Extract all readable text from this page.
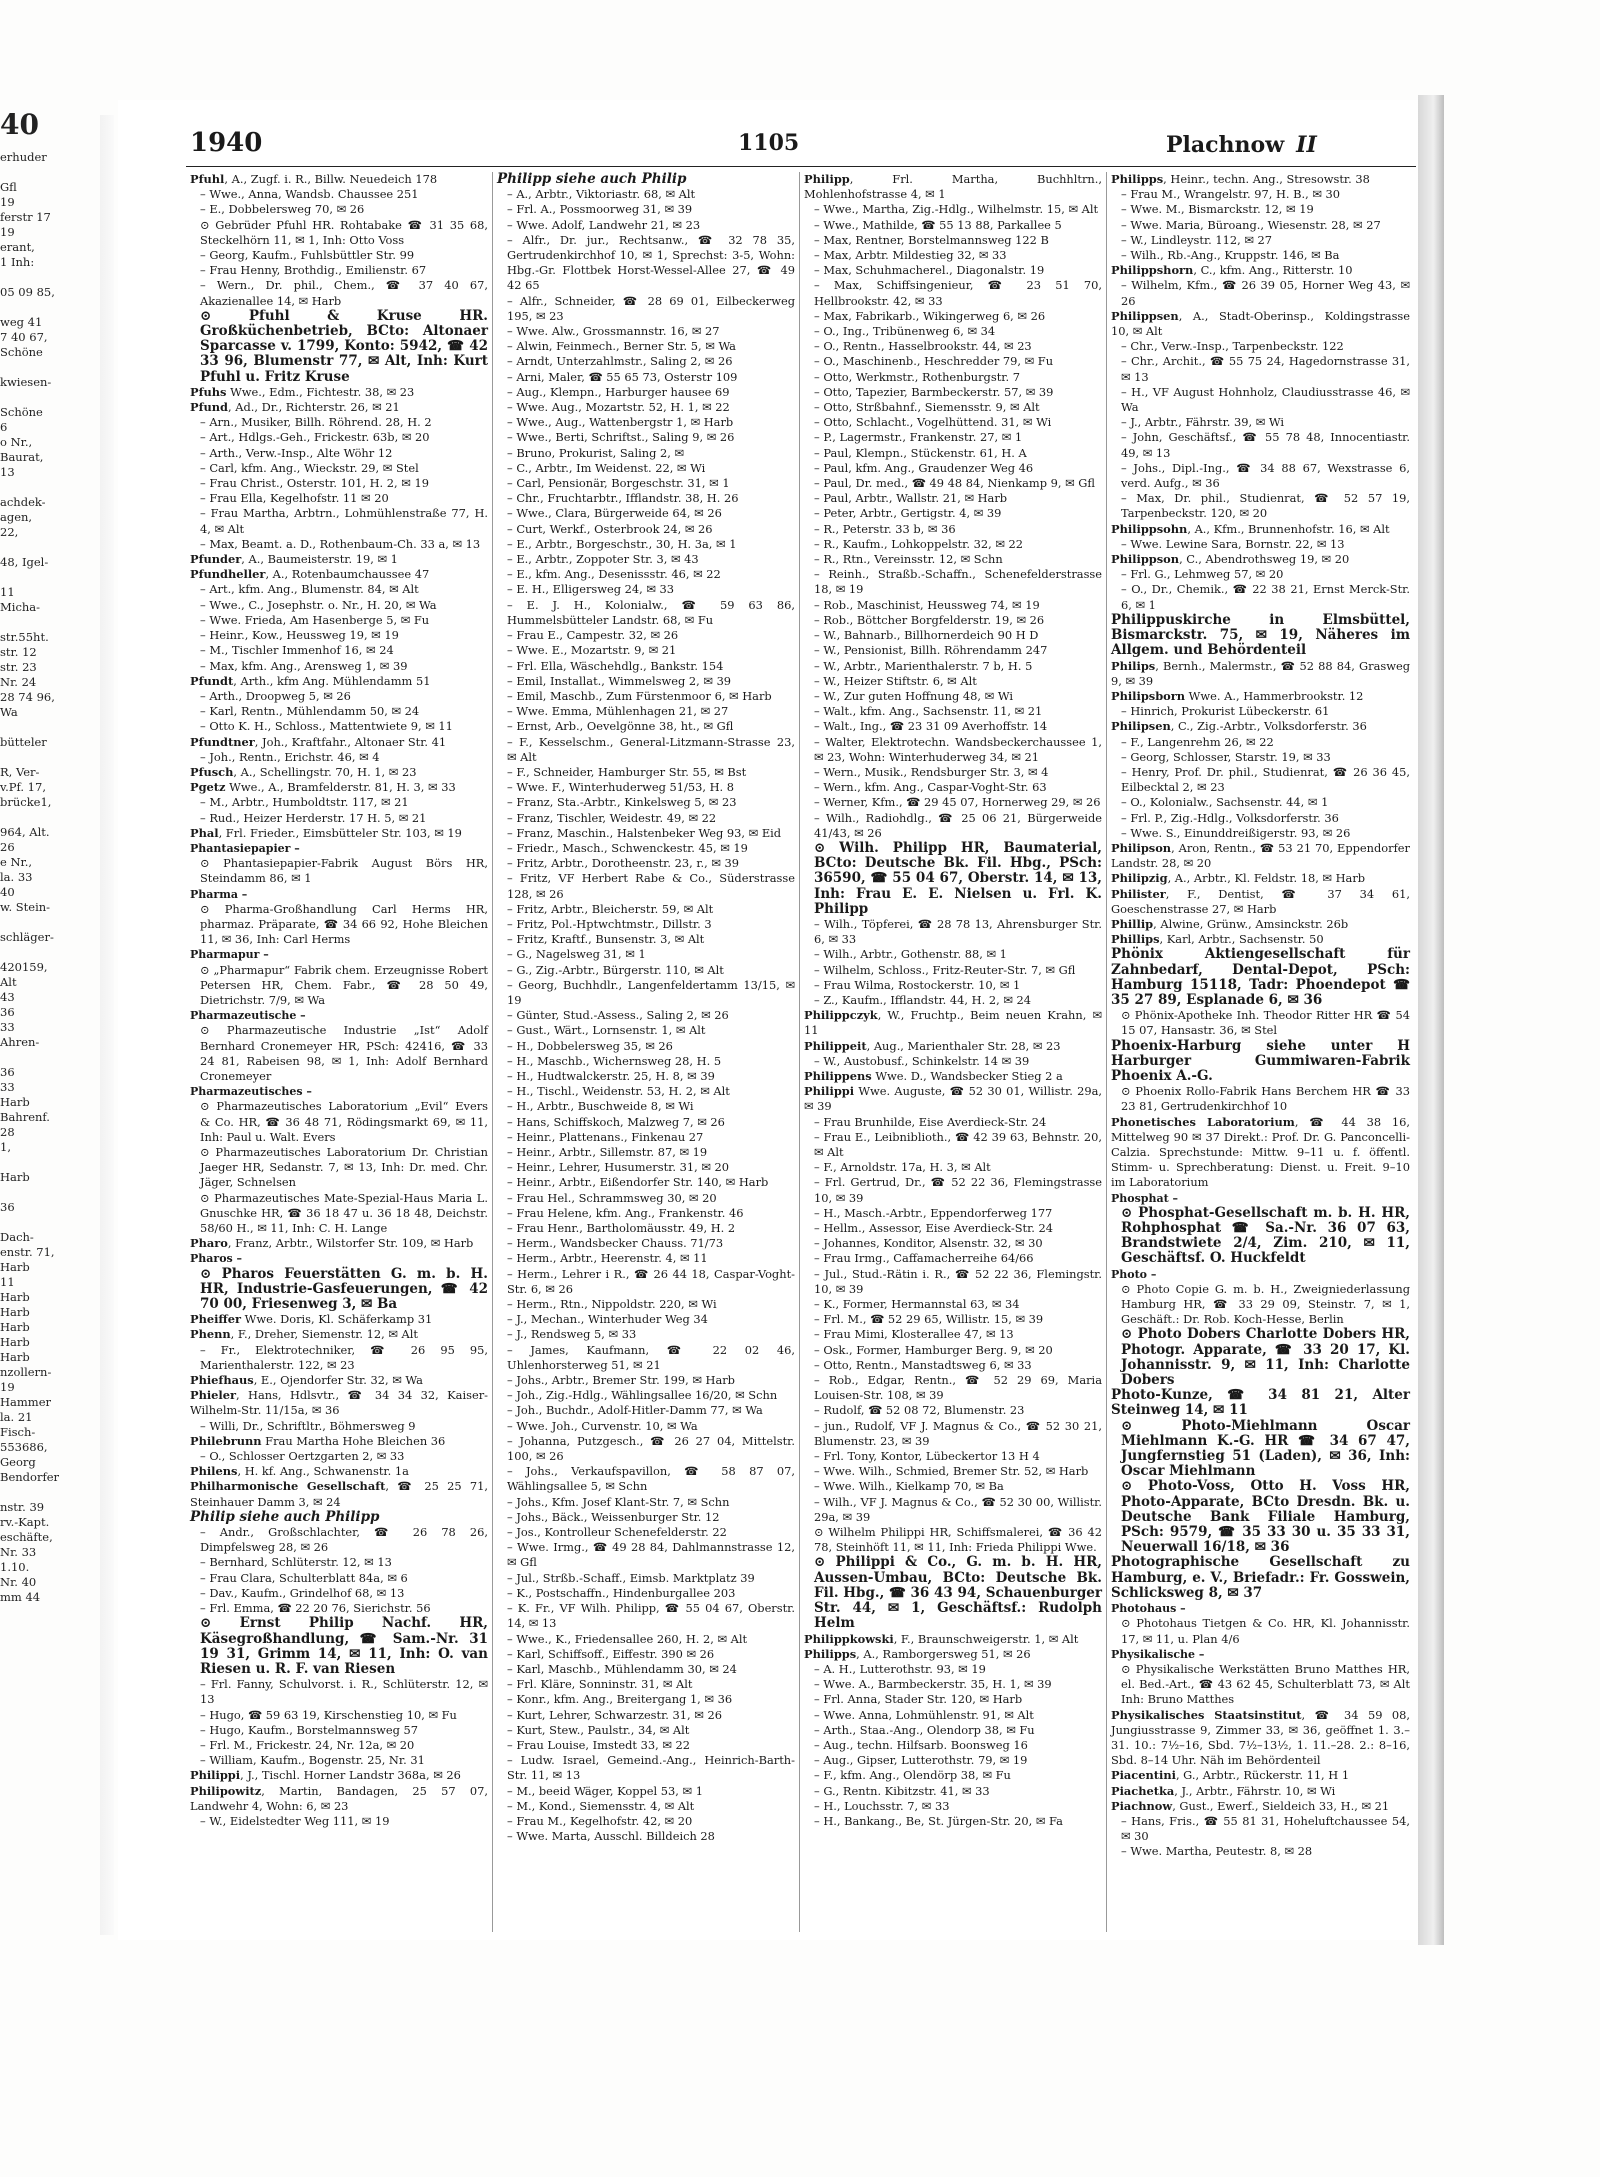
40
erhuder
Gfl
19
ferstr 17
19
erant,
1 Inh:
05 09 85,
weg 41
7 40 67,
Schöne
kwiesen-
Schöne
6
o Nr.,
Baurat,
13
achdek-
agen,
22,
48, Igel-
11
Micha-
str.55ht.
str. 12
str. 23
Nr. 24
28 74 96,
Wa
bütteler
R, Ver-
v.Pf. 17,
brücke1,
964, Alt.
26
e Nr.,
la. 33
40
w. Stein-
schläger-
420159,
Alt
43
36
33
Ahren-
36
33
Harb
Bahrenf.
28
1,
Harb
36
Dach-
enstr. 71,
Harb
11
Harb
Harb
Harb
Harb
Harb
nzollern-
19
Hammer
la. 21
Fisch-
553686,
Georg
Bendorfer
nstr. 39
rv.-Kapt.
eschäfte,
Nr. 33
1.10.
Nr. 40
mm 44
1940	1105	Plachnow II

Pfuhl, A., Zugf. i. R., Billw. Neuedeich 178

– Wwe., Anna, Wandsb. Chaussee 251

– E., Dobbelersweg 70, ✉ 26

⊙ Gebrüder Pfuhl HR. Rohtabake ☎ 31 35 68, Steckelhörn 11, ✉ 1, Inh: Otto Voss

– Georg, Kaufm., Fuhlsbüttler Str. 99

– Frau Henny, Brothdig., Emilienstr. 67

– Wern., Dr. phil., Chem., ☎ 37 40 67, Akazienallee 14, ✉ Harb

⊙ Pfuhl & Kruse HR. Großküchenbetrieb, BCto: Altonaer Sparcasse v. 1799, Konto: 5942, ☎ 42 33 96, Blumenstr 77, ✉ Alt, Inh: Kurt Pfuhl u. Fritz Kruse

Pfuhs Wwe., Edm., Fichtestr. 38, ✉ 23

Pfund, Ad., Dr., Richterstr. 26, ✉ 21

– Arn., Musiker, Billh. Röhrend. 28, H. 2

– Art., Hdlgs.-Geh., Frickestr. 63b, ✉ 20

– Arth., Verw.-Insp., Alte Wöhr 12

– Carl, kfm. Ang., Wieckstr. 29, ✉ Stel

– Frau Christ., Osterstr. 101, H. 2, ✉ 19

– Frau Ella, Kegelhofstr. 11 ✉ 20

– Frau Martha, Arbtrn., Lohmühlenstraße 77, H. 4, ✉ Alt

– Max, Beamt. a. D., Rothenbaum-Ch. 33 a, ✉ 13

Pfunder, A., Baumeisterstr. 19, ✉ 1

Pfundheller, A., Rotenbaumchaussee 47

– Art., kfm. Ang., Blumenstr. 84, ✉ Alt

– Wwe., C., Josephstr. o. Nr., H. 20, ✉ Wa

– Wwe. Frieda, Am Hasenberge 5, ✉ Fu

– Heinr., Kow., Heussweg 19, ✉ 19

– M., Tischler Immenhof 16, ✉ 24

– Max, kfm. Ang., Arensweg 1, ✉ 39

Pfundt, Arth., kfm Ang. Mühlendamm 51

– Arth., Droopweg 5, ✉ 26

– Karl, Rentn., Mühlendamm 50, ✉ 24

– Otto K. H., Schloss., Mattentwiete 9, ✉ 11

Pfundtner, Joh., Kraftfahr., Altonaer Str. 41

– Joh., Rentn., Erichstr. 46, ✉ 4

Pfusch, A., Schellingstr. 70, H. 1, ✉ 23

Pgetz Wwe., A., Bramfelderstr. 81, H. 3, ✉ 33

– M., Arbtr., Humboldtstr. 117, ✉ 21

– Rud., Heizer Herderstr. 17 H. 5, ✉ 21

Phal, Frl. Frieder., Eimsbütteler Str. 103, ✉ 19

Phantasiepapier –

⊙ Phantasiepapier-Fabrik August Börs HR, Steindamm 86, ✉ 1

Pharma –

⊙ Pharma-Großhandlung Carl Herms HR, pharmaz. Präparate, ☎ 34 66 92, Hohe Bleichen 11, ✉ 36, Inh: Carl Herms

Pharmapur –

⊙ „Pharmapur“ Fabrik chem. Erzeugnisse Robert Petersen HR, Chem. Fabr., ☎ 28 50 49, Dietrichstr. 7/9, ✉ Wa

Pharmazeutische –

⊙ Pharmazeutische Industrie „Ist“ Adolf Bernhard Cronemeyer HR, PSch: 42416, ☎ 33 24 81, Rabeisen 98, ✉ 1, Inh: Adolf Bernhard Cronemeyer

Pharmazeutisches –

⊙ Pharmazeutisches Laboratorium „Evil“ Evers & Co. HR, ☎ 36 48 71, Rödingsmarkt 69, ✉ 11, Inh: Paul u. Walt. Evers

⊙ Pharmazeutisches Laboratorium Dr. Christian Jaeger HR, Sedanstr. 7, ✉ 13, Inh: Dr. med. Chr. Jäger, Schnelsen

⊙ Pharmazeutisches Mate-Spezial-Haus Maria L. Gnuschke HR, ☎ 36 18 47 u. 36 18 48, Deichstr. 58/60 H., ✉ 11, Inh: C. H. Lange

Pharo, Franz, Arbtr., Wilstorfer Str. 109, ✉ Harb

Pharos –

⊙ Pharos Feuerstätten G. m. b. H. HR, Industrie-Gasfeuerungen, ☎ 42 70 00, Friesenweg 3, ✉ Ba

Pheiffer Wwe. Doris, Kl. Schäferkamp 31

Phenn, F., Dreher, Siemenstr. 12, ✉ Alt

– Fr., Elektrotechniker, ☎ 26 95 95, Marienthalerstr. 122, ✉ 23

Phiefhaus, E., Ojendorfer Str. 32, ✉ Wa

Phieler, Hans, Hdlsvtr., ☎ 34 34 32, Kaiser-Wilhelm-Str. 11/15a, ✉ 36

– Willi, Dr., Schriftltr., Böhmersweg 9

Philebrunn Frau Martha Hohe Bleichen 36

– O., Schlosser Oertzgarten 2, ✉ 33

Philens, H. kf. Ang., Schwanenstr. 1a

Philharmonische Gesellschaft, ☎ 25 25 71, Steinhauer Damm 3, ✉ 24

Philip siehe auch Philipp

– Andr., Großschlachter, ☎ 26 78 26, Dimpfelsweg 28, ✉ 26

– Bernhard, Schlüterstr. 12, ✉ 13

– Frau Clara, Schulterblatt 84a, ✉ 6

– Dav., Kaufm., Grindelhof 68, ✉ 13

– Frl. Emma, ☎ 22 20 76, Sierichstr. 56

⊙ Ernst Philip Nachf. HR, Käsegroßhandlung, ☎ Sam.-Nr. 31 19 31, Grimm 14, ✉ 11, Inh: O. van Riesen u. R. F. van Riesen

– Frl. Fanny, Schulvorst. i. R., Schlüterstr. 12, ✉ 13

– Hugo, ☎ 59 63 19, Kirschenstieg 10, ✉ Fu

– Hugo, Kaufm., Borstelmannsweg 57

– Frl. M., Frickestr. 24, Nr. 12a, ✉ 20

– William, Kaufm., Bogenstr. 25, Nr. 31

Philippi, J., Tischl. Horner Landstr 368a, ✉ 26

Philipowitz, Martin, Bandagen, 25 57 07, Landwehr 4, Wohn: 6, ✉ 23

– W., Eidelstedter Weg 111, ✉ 19

Philipp siehe auch Philip

– A., Arbtr., Viktoriastr. 68, ✉ Alt

– Frl. A., Possmoorweg 31, ✉ 39

– Wwe. Adolf, Landwehr 21, ✉ 23

– Alfr., Dr. jur., Rechtsanw., ☎ 32 78 35, Gertrudenkirchhof 10, ✉ 1, Sprechst: 3-5, Wohn: Hbg.-Gr. Flottbek Horst-Wessel-Allee 27, ☎ 49 42 65

– Alfr., Schneider, ☎ 28 69 01, Eilbeckerweg 195, ✉ 23

– Wwe. Alw., Grossmannstr. 16, ✉ 27

– Alwin, Feinmech., Berner Str. 5, ✉ Wa

– Arndt, Unterzahlmstr., Saling 2, ✉ 26

– Arni, Maler, ☎ 55 65 73, Osterstr 109

– Aug., Klempn., Harburger hausee 69

– Wwe. Aug., Mozartstr. 52, H. 1, ✉ 22

– Wwe., Aug., Wattenbergstr 1, ✉ Harb

– Wwe., Berti, Schriftst., Saling 9, ✉ 26

– Bruno, Prokurist, Saling 2, ✉

– C., Arbtr., Im Weidenst. 22, ✉ Wi

– Carl, Pensionär, Borgeschstr. 31, ✉ 1

– Chr., Fruchtarbtr., Ifflandstr. 38, H. 26

– Wwe., Clara, Bürgerweide 64, ✉ 26

– Curt, Werkf., Osterbrook 24, ✉ 26

– E., Arbtr., Borgeschstr., 30, H. 3a, ✉ 1

– E., Arbtr., Zoppoter Str. 3, ✉ 43

– E., kfm. Ang., Desenissstr. 46, ✉ 22

– E. H., Elligersweg 24, ✉ 33

– E. J. H., Kolonialw., ☎ 59 63 86, Hummelsbütteler Landstr. 68, ✉ Fu

– Frau E., Campestr. 32, ✉ 26

– Wwe. E., Mozartstr. 9, ✉ 21

– Frl. Ella, Wäschehdlg., Bankstr. 154

– Emil, Installat., Wimmelsweg 2, ✉ 39

– Emil, Maschb., Zum Fürstenmoor 6, ✉ Harb

– Wwe. Emma, Mühlenhagen 21, ✉ 27

– Ernst, Arb., Oevelgönne 38, ht., ✉ Gfl

– F., Kesselschm., General-Litzmann-Strasse 23, ✉ Alt

– F., Schneider, Hamburger Str. 55, ✉ Bst

– Wwe. F., Winterhuderweg 51/53, H. 8

– Franz, Sta.-Arbtr., Kinkelsweg 5, ✉ 23

– Franz, Tischler, Weidestr. 49, ✉ 22

– Franz, Maschin., Halstenbeker Weg 93, ✉ Eid

– Friedr., Masch., Schwenckestr. 45, ✉ 19

– Fritz, Arbtr., Dorotheenstr. 23, r., ✉ 39

– Fritz, VF Herbert Rabe & Co., Süderstrasse 128, ✉ 26

– Fritz, Arbtr., Bleicherstr. 59, ✉ Alt

– Fritz, Pol.-Hptwchtmstr., Dillstr. 3

– Fritz, Kraftf., Bunsenstr. 3, ✉ Alt

– G., Nagelsweg 31, ✉ 1

– G., Zig.-Arbtr., Bürgerstr. 110, ✉ Alt

– Georg, Buchhdlr., Langenfeldertamm 13/15, ✉ 19

– Günter, Stud.-Assess., Saling 2, ✉ 26

– Gust., Wärt., Lornsenstr. 1, ✉ Alt

– H., Dobbelersweg 35, ✉ 26

– H., Maschb., Wichernsweg 28, H. 5

– H., Hudtwalckerstr. 25, H. 8, ✉ 39

– H., Tischl., Weidenstr. 53, H. 2, ✉ Alt

– H., Arbtr., Buschweide 8, ✉ Wi

– Hans, Schiffskoch, Malzweg 7, ✉ 26

– Heinr., Plattenans., Finkenau 27

– Heinr., Arbtr., Sillemstr. 87, ✉ 19

– Heinr., Lehrer, Husumerstr. 31, ✉ 20

– Heinr., Arbtr., Eißendorfer Str. 140, ✉ Harb

– Frau Hel., Schrammsweg 30, ✉ 20

– Frau Helene, kfm. Ang., Frankenstr. 46

– Frau Henr., Bartholomäusstr. 49, H. 2

– Herm., Wandsbecker Chauss. 71/73

– Herm., Arbtr., Heerenstr. 4, ✉ 11

– Herm., Lehrer i R., ☎ 26 44 18, Caspar-Voght-Str. 6, ✉ 26

– Herm., Rtn., Nippoldstr. 220, ✉ Wi

– J., Mechan., Winterhuder Weg 34

– J., Rendsweg 5, ✉ 33

– James, Kaufmann, ☎ 22 02 46, Uhlenhorsterweg 51, ✉ 21

– Johs., Arbtr., Bremer Str. 199, ✉ Harb

– Joh., Zig.-Hdlg., Wählingsallee 16/20, ✉ Schn

– Joh., Buchdr., Adolf-Hitler-Damm 77, ✉ Wa

– Wwe. Joh., Curvenstr. 10, ✉ Wa

– Johanna, Putzgesch., ☎ 26 27 04, Mittelstr. 100, ✉ 26

– Johs., Verkaufspavillon, ☎ 58 87 07, Wählingsallee 5, ✉ Schn

– Johs., Kfm. Josef Klant-Str. 7, ✉ Schn

– Johs., Bäck., Weissenburger Str. 12

– Jos., Kontrolleur Schenefelderstr. 22

– Wwe. Irmg., ☎ 49 28 84, Dahlmannstrasse 12, ✉ Gfl

– Jul., Strßb.-Schaff., Eimsb. Marktplatz 39

– K., Postschaffn., Hindenburgallee 203

– K. Fr., VF Wilh. Philipp, ☎ 55 04 67, Oberstr. 14, ✉ 13

– Wwe., K., Friedensallee 260, H. 2, ✉ Alt

– Karl, Schiffsoff., Eiffestr. 390 ✉ 26

– Karl, Maschb., Mühlendamm 30, ✉ 24

– Frl. Kläre, Sonninstr. 31, ✉ Alt

– Konr., kfm. Ang., Breitergang 1, ✉ 36

– Kurt, Lehrer, Schwarzestr. 31, ✉ 26

– Kurt, Stew., Paulstr., 34, ✉ Alt

– Frau Louise, Imstedt 33, ✉ 22

– Ludw. Israel, Gemeind.-Ang., Heinrich-Barth-Str. 11, ✉ 13

– M., beeid Wäger, Koppel 53, ✉ 1

– M., Kond., Siemensstr. 4, ✉ Alt

– Frau M., Kegelhofstr. 42, ✉ 20

– Wwe. Marta, Ausschl. Billdeich 28

Philipp, Frl. Martha, Buchhltrn., Mohlenhofstrasse 4, ✉ 1

– Wwe., Martha, Zig.-Hdlg., Wilhelmstr. 15, ✉ Alt

– Wwe., Mathilde, ☎ 55 13 88, Parkallee 5

– Max, Rentner, Borstelmannsweg 122 B

– Max, Arbtr. Mildestieg 32, ✉ 33

– Max, Schuhmacherel., Diagonalstr. 19

– Max, Schiffsingenieur, ☎ 23 51 70, Hellbrookstr. 42, ✉ 33

– Max, Fabrikarb., Wikingerweg 6, ✉ 26

– O., Ing., Tribünenweg 6, ✉ 34

– O., Rentn., Hasselbrookstr. 44, ✉ 23

– O., Maschinenb., Heschredder 79, ✉ Fu

– Otto, Werkmstr., Rothenburgstr. 7

– Otto, Tapezier, Barmbeckerstr. 57, ✉ 39

– Otto, Strßbahnf., Siemensstr. 9, ✉ Alt

– Otto, Schlacht., Vogelhüttend. 31, ✉ Wi

– P., Lagermstr., Frankenstr. 27, ✉ 1

– Paul, Klempn., Stückenstr. 61, H. A

– Paul, kfm. Ang., Graudenzer Weg 46

– Paul, Dr. med., ☎ 49 48 84, Nienkamp 9, ✉ Gfl

– Paul, Arbtr., Wallstr. 21, ✉ Harb

– Peter, Arbtr., Gertigstr. 4, ✉ 39

– R., Peterstr. 33 b, ✉ 36

– R., Kaufm., Lohkoppelstr. 32, ✉ 22

– R., Rtn., Vereinsstr. 12, ✉ Schn

– Reinh., Straßb.-Schaffn., Schenefelderstrasse 18, ✉ 19

– Rob., Maschinist, Heussweg 74, ✉ 19

– Rob., Böttcher Borgfelderstr. 19, ✉ 26

– W., Bahnarb., Billhornerdeich 90 H D

– W., Pensionist, Billh. Röhrendamm 247

– W., Arbtr., Marienthalerstr. 7 b, H. 5

– W., Heizer Stiftstr. 6, ✉ Alt

– W., Zur guten Hoffnung 48, ✉ Wi

– Walt., kfm. Ang., Sachsenstr. 11, ✉ 21

– Walt., Ing., ☎ 23 31 09 Averhoffstr. 14

– Walter, Elektrotechn. Wandsbeckerchaussee 1, ✉ 23, Wohn: Winterhuderweg 34, ✉ 21

– Wern., Musik., Rendsburger Str. 3, ✉ 4

– Wern., kfm. Ang., Caspar-Voght-Str. 63

– Werner, Kfm., ☎ 29 45 07, Hornerweg 29, ✉ 26

– Wilh., Radiohdlg., ☎ 25 06 21, Bürgerweide 41/43, ✉ 26

⊙ Wilh. Philipp HR, Baumaterial, BCto: Deutsche Bk. Fil. Hbg., PSch: 36590, ☎ 55 04 67, Oberstr. 14, ✉ 13, Inh: Frau E. E. Nielsen u. Frl. K. Philipp

– Wilh., Töpferei, ☎ 28 78 13, Ahrensburger Str. 6, ✉ 33

– Wilh., Arbtr., Gothenstr. 88, ✉ 1

– Wilhelm, Schloss., Fritz-Reuter-Str. 7, ✉ Gfl

– Frau Wilma, Rostockerstr. 10, ✉ 1

– Z., Kaufm., Ifflandstr. 44, H. 2, ✉ 24

Philippczyk, W., Fruchtp., Beim neuen Krahn, ✉ 11

Philippeit, Aug., Marienthaler Str. 28, ✉ 23

– W., Austobusf., Schinkelstr. 14 ✉ 39

Philippens Wwe. D., Wandsbecker Stieg 2 a

Philippi Wwe. Auguste, ☎ 52 30 01, Willistr. 29a, ✉ 39

– Frau Brunhilde, Eise Averdieck-Str. 24

– Frau E., Leibniblioth., ☎ 42 39 63, Behnstr. 20, ✉ Alt

– F., Arnoldstr. 17a, H. 3, ✉ Alt

– Frl. Gertrud, Dr., ☎ 52 22 36, Flemingstrasse 10, ✉ 39

– H., Masch.-Arbtr., Eppendorferweg 177

– Hellm., Assessor, Eise Averdieck-Str. 24

– Johannes, Konditor, Alsenstr. 32, ✉ 30

– Frau Irmg., Caffamacherreihe 64/66

– Jul., Stud.-Rätin i. R., ☎ 52 22 36, Flemingstr. 10, ✉ 39

– K., Former, Hermannstal 63, ✉ 34

– Frl. M., ☎ 52 29 65, Willistr. 15, ✉ 39

– Frau Mimi, Klosterallee 47, ✉ 13

– Osk., Former, Hamburger Berg. 9, ✉ 20

– Otto, Rentn., Manstadtsweg 6, ✉ 33

– Rob., Edgar, Rentn., ☎ 52 29 69, Maria Louisen-Str. 108, ✉ 39

– Rudolf, ☎ 52 08 72, Blumenstr. 23

– jun., Rudolf, VF J. Magnus & Co., ☎ 52 30 21, Blumenstr. 23, ✉ 39

– Frl. Tony, Kontor, Lübeckertor 13 H 4

– Wwe. Wilh., Schmied, Bremer Str. 52, ✉ Harb

– Wwe. Wilh., Kielkamp 70, ✉ Ba

– Wilh., VF J. Magnus & Co., ☎ 52 30 00, Willistr. 29a, ✉ 39

⊙ Wilhelm Philippi HR, Schiffsmalerei, ☎ 36 42 78, Steinhöft 11, ✉ 11, Inh: Frieda Philippi Wwe.

⊙ Philippi & Co., G. m. b. H. HR, Aussen-Umbau, BCto: Deutsche Bk. Fil. Hbg., ☎ 36 43 94, Schauenburger Str. 44, ✉ 1, Geschäftsf.: Rudolph Helm

Philippkowski, F., Braunschweigerstr. 1, ✉ Alt

Philipps, A., Ramborgersweg 51, ✉ 26

– A. H., Lutterothstr. 93, ✉ 19

– Wwe. A., Barmbeckerstr. 35, H. 1, ✉ 39

– Frl. Anna, Stader Str. 120, ✉ Harb

– Wwe. Anna, Lohmühlenstr. 91, ✉ Alt

– Arth., Staa.-Ang., Olendorp 38, ✉ Fu

– Aug., techn. Hilfsarb. Boonsweg 16

– Aug., Gipser, Lutterothstr. 79, ✉ 19

– F., kfm. Ang., Olendörp 38, ✉ Fu

– G., Rentn. Kibitzstr. 41, ✉ 33

– H., Louchsstr. 7, ✉ 33

– H., Bankang., Be, St. Jürgen-Str. 20, ✉ Fa

Philipps, Heinr., techn. Ang., Stresowstr. 38

– Frau M., Wrangelstr. 97, H. B., ✉ 30

– Wwe. M., Bismarckstr. 12, ✉ 19

– Wwe. Maria, Büroang., Wiesenstr. 28, ✉ 27

– W., Lindleystr. 112, ✉ 27

– Wilh., Rb.-Ang., Kruppstr. 146, ✉ Ba

Philippshorn, C., kfm. Ang., Ritterstr. 10

– Wilhelm, Kfm., ☎ 26 39 05, Horner Weg 43, ✉ 26

Philippsen, A., Stadt-Oberinsp., Koldingstrasse 10, ✉ Alt

– Chr., Verw.-Insp., Tarpenbeckstr. 122

– Chr., Archit., ☎ 55 75 24, Hagedornstrasse 31, ✉ 13

– H., VF August Hohnholz, Claudiusstrasse 46, ✉ Wa

– J., Arbtr., Fährstr. 39, ✉ Wi

– John, Geschäftsf., ☎ 55 78 48, Innocentiastr. 49, ✉ 13

– Johs., Dipl.-Ing., ☎ 34 88 67, Wexstrasse 6, verd. Aufg., ✉ 36

– Max, Dr. phil., Studienrat, ☎ 52 57 19, Tarpenbeckstr. 120, ✉ 20

Philippsohn, A., Kfm., Brunnenhofstr. 16, ✉ Alt

– Wwe. Lewine Sara, Bornstr. 22, ✉ 13

Philippson, C., Abendrothsweg 19, ✉ 20

– Frl. G., Lehmweg 57, ✉ 20

– O., Dr., Chemik., ☎ 22 38 21, Ernst Merck-Str. 6, ✉ 1

Philippuskirche in Elmsbüttel, Bismarckstr. 75, ✉ 19, Näheres im Allgem. und Behördenteil

Philips, Bernh., Malermstr., ☎ 52 88 84, Grasweg 9, ✉ 39

Philipsborn Wwe. A., Hammerbrookstr. 12

– Hinrich, Prokurist Lübeckerstr. 61

Philipsen, C., Zig.-Arbtr., Volksdorferstr. 36

– F., Langenrehm 26, ✉ 22

– Georg, Schlosser, Starstr. 19, ✉ 33

– Henry, Prof. Dr. phil., Studienrat, ☎ 26 36 45, Eilbecktal 2, ✉ 23

– O., Kolonialw., Sachsenstr. 44, ✉ 1

– Frl. P., Zig.-Hdlg., Volksdorferstr. 36

– Wwe. S., Einunddreißigerstr. 93, ✉ 26

Philipson, Aron, Rentn., ☎ 53 21 70, Eppendorfer Landstr. 28, ✉ 20

Philipzig, A., Arbtr., Kl. Feldstr. 18, ✉ Harb

Philister, F., Dentist, ☎ 37 34 61, Goeschenstrasse 27, ✉ Harb

Phillip, Alwine, Grünw., Amsinckstr. 26b

Phillips, Karl, Arbtr., Sachsenstr. 50

Phönix Aktiengesellschaft für Zahnbedarf, Dental-Depot, PSch: Hamburg 15118, Tadr: Phoendepot ☎ 35 27 89, Esplanade 6, ✉ 36

⊙ Phönix-Apotheke Inh. Theodor Ritter HR ☎ 54 15 07, Hansastr. 36, ✉ Stel

Phoenix-Harburg siehe unter H Harburger Gummiwaren-Fabrik Phoenix A.-G.

⊙ Phoenix Rollo-Fabrik Hans Berchem HR ☎ 33 23 81, Gertrudenkirchhof 10

Phonetisches Laboratorium, ☎ 44 38 16, Mittelweg 90 ✉ 37 Direkt.: Prof. Dr. G. Panconcelli-Calzia. Sprechstunde: Mittw. 9–11 u. f. öffentl. Stimm- u. Sprechberatung: Dienst. u. Freit. 9–10 im Laboratorium

Phosphat –

⊙ Phosphat-Gesellschaft m. b. H. HR, Rohphosphat ☎ Sa.-Nr. 36 07 63, Brandstwiete 2/4, Zim. 210, ✉ 11, Geschäftsf. O. Huckfeldt

Photo –

⊙ Photo Copie G. m. b. H., Zweigniederlassung Hamburg HR, ☎ 33 29 09, Steinstr. 7, ✉ 1, Geschäft.: Dr. Rob. Koch-Hesse, Berlin

⊙ Photo Dobers Charlotte Dobers HR, Photogr. Apparate, ☎ 33 20 17, Kl. Johannisstr. 9, ✉ 11, Inh: Charlotte Dobers

Photo-Kunze, ☎ 34 81 21, Alter Steinweg 14, ✉ 11

⊙ Photo-Miehlmann Oscar Miehlmann K.-G. HR ☎ 34 67 47, Jungfernstieg 51 (Laden), ✉ 36, Inh: Oscar Miehlmann

⊙ Photo-Voss, Otto H. Voss HR, Photo-Apparate, BCto Dresdn. Bk. u. Deutsche Bank Filiale Hamburg, PSch: 9579, ☎ 35 33 30 u. 35 33 31, Neuerwall 16/18, ✉ 36

Photographische Gesellschaft zu Hamburg, e. V., Briefadr.: Fr. Gosswein, Schlicksweg 8, ✉ 37

Photohaus –

⊙ Photohaus Tietgen & Co. HR, Kl. Johannisstr. 17, ✉ 11, u. Plan 4/6

Physikalische –

⊙ Physikalische Werkstätten Bruno Matthes HR, el. Bed.-Art., ☎ 43 62 45, Schulterblatt 73, ✉ Alt Inh: Bruno Matthes

Physikalisches Staatsinstitut, ☎ 34 59 08, Jungiusstrasse 9, Zimmer 33, ✉ 36, geöffnet 1. 3.–31. 10.: 7½–16, Sbd. 7½–13½, 1. 11.–28. 2.: 8–16, Sbd. 8–14 Uhr. Näh im Behördenteil

Piacentini, G., Arbtr., Rückerstr. 11, H 1

Piachetka, J., Arbtr., Fährstr. 10, ✉ Wi

Piachnow, Gust., Ewerf., Sieldeich 33, H., ✉ 21

– Hans, Fris., ☎ 55 81 31, Hoheluftchaussee 54, ✉ 30

– Wwe. Martha, Peutestr. 8, ✉ 28
